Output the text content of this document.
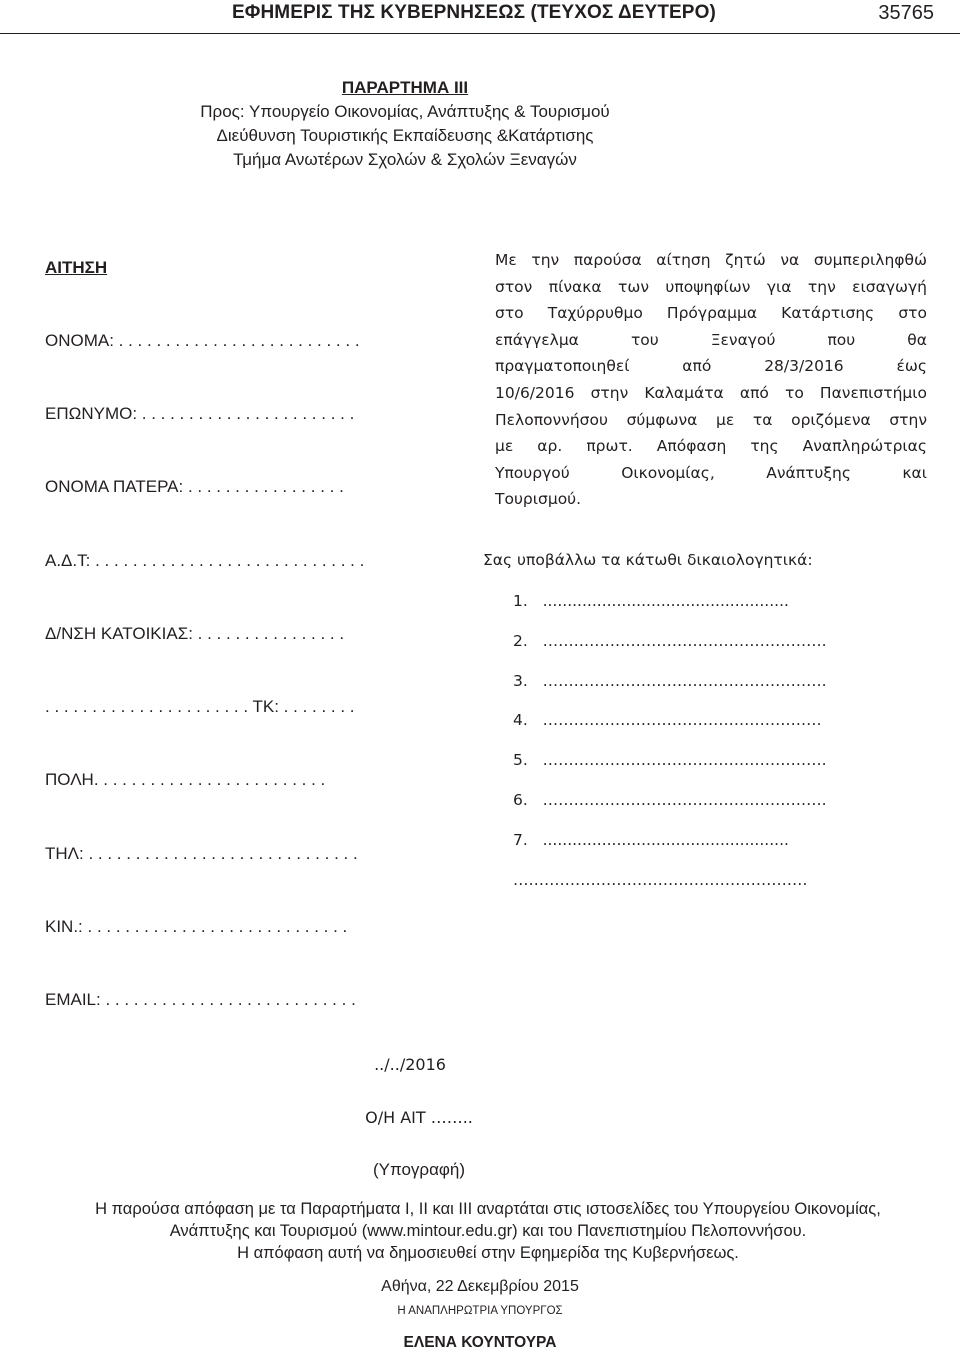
ΕΦΗΜΕΡΙΣ ΤΗΣ ΚΥΒΕΡΝΗΣΕΩΣ (ΤΕΥΧΟΣ ΔΕΥΤΕΡΟ)	35765
ΠΑΡΑΡΤΗΜΑ ΙΙΙ
Προς: Υπουργείο Οικονομίας, Ανάπτυξης & Τουρισμού
Διεύθυνση Τουριστικής Εκπαίδευσης &Κατάρτισης
Τμήμα Ανωτέρων Σχολών & Σχολών Ξεναγών

ΑΙΤΗΣΗ

ΟΝΟΜΑ: . . . . . . . . . . . . . . . . . . . . . . . . . .

ΕΠΩΝΥΜΟ: . . . . . . . . . . . . . . . . . . . . . . .

ΟΝΟΜΑ ΠΑΤΕΡΑ: . . . . . . . . . . . . . . . . .

Α.Δ.Τ: . . . . . . . . . . . . . . . . . . . . . . . . . . . . .

Δ/ΝΣΗ ΚΑΤΟΙΚΙΑΣ: . . . . . . . . . . . . . . . .

. . . . . . . . . . . . . . . . . . . . . . ΤΚ: . . . . . . . .

ΠΟΛΗ. . . . . . . . . . . . . . . . . . . . . . . . .

ΤΗΛ: . . . . . . . . . . . . . . . . . . . . . . . . . . . . .

ΚΙΝ.: . . . . . . . . . . . . . . . . . . . . . . . . . . . .

EMAIL: . . . . . . . . . . . . . . . . . . . . . . . . . . .

Με την παρούσα αίτηση ζητώ να συμπεριληφθώ
στον πίνακα των υποψηφίων για την εισαγωγή
στο Ταχύρρυθμο Πρόγραμμα Κατάρτισης στο
επάγγελμα του Ξεναγού που θα
πραγματοποιηθεί από 28/3/2016 έως
10/6/2016 στην Καλαμάτα από το Πανεπιστήμιο
Πελοποννήσου σύμφωνα με τα οριζόμενα στην
με αρ. πρωτ. Απόφαση της Αναπληρώτριας
Υπουργού Οικονομίας, Ανάπτυξης και
Τουρισμού.
Σας υποβάλλω τα κάτωθι δικαιολογητικά:
1.   ..................................................
2.   ……………………………………………….
3.   ……………………………………………….
4.   ………………………………………………
5.   ……………………………………………….
6.   ……………………………………………….
7.   ..................................................
…………………………………………………
../../2016
Ο/Η ΑΙΤ ……..
(Υπογραφή)
Η παρούσα απόφαση με τα Παραρτήματα Ι, ΙΙ και ΙΙΙ αναρτάται στις ιστοσελίδες του Υπουργείου Οικονομίας,
Ανάπτυξης και Τουρισμού (www.mintour.edu.gr) και του Πανεπιστημίου Πελοποννήσου.
Η απόφαση αυτή να δημοσιευθεί στην Εφημερίδα της Κυβερνήσεως.
Αθήνα, 22 Δεκεμβρίου 2015
Η ΑΝΑΠΛΗΡΩΤΡΙΑ ΥΠΟΥΡΓΟΣ
ΕΛΕΝΑ ΚΟΥΝΤΟΥΡΑ
